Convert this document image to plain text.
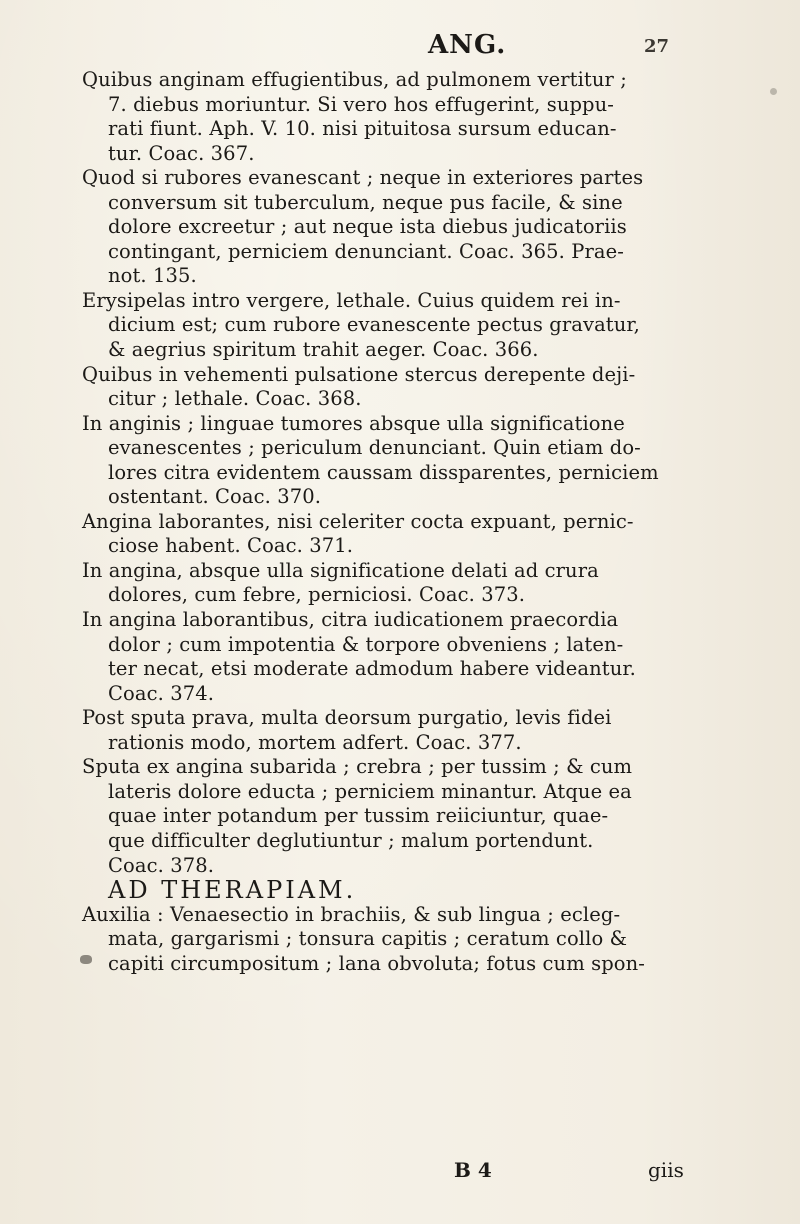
ANG.	27

Quibus anginam effugientibus, ad pulmonem vertitur ;
7. diebus moriuntur. Si vero hos effugerint, suppu-
rati fiunt. Aph. V. 10. nisi pituitosa sursum educan-
tur. Coac. 367.

Quod si rubores evanescant ; neque in exteriores partes
conversum sit tuberculum, neque pus facile, & sine
dolore excreetur ; aut neque ista diebus judicatoriis
contingant, perniciem denunciant. Coac. 365. Prae-
not. 135.

Erysipelas intro vergere, lethale. Cuius quidem rei in-
dicium est; cum rubore evanescente pectus gravatur,
& aegrius spiritum trahit aeger. Coac. 366.

Quibus in vehementi pulsatione stercus derepente deji-
citur ; lethale. Coac. 368.

In anginis ; linguae tumores absque ulla significatione
evanescentes ; periculum denunciant. Quin etiam do-
lores citra evidentem caussam dissparentes, perniciem
ostentant. Coac. 370.

Angina laborantes, nisi celeriter cocta expuant, pernic-
ciose habent. Coac. 371.

In angina, absque ulla significatione delati ad crura
dolores, cum febre, perniciosi. Coac. 373.

In angina laborantibus, citra iudicationem praecordia
dolor ; cum impotentia & torpore obveniens ; laten-
ter necat, etsi moderate admodum habere videantur.
Coac. 374.

Post sputa prava, multa deorsum purgatio, levis fidei
rationis modo, mortem adfert. Coac. 377.

Sputa ex angina subarida ; crebra ; per tussim ; & cum
lateris dolore educta ; perniciem minantur. Atque ea
quae inter potandum per tussim reiiciuntur, quae-
que difficulter deglutiuntur ; malum portendunt.
Coac. 378.

AD THERAPIAM.

Auxilia : Venaesectio in brachiis, & sub lingua ; ecleg-
mata, gargarismi ; tonsura capitis ; ceratum collo &
capiti circumpositum ; lana obvoluta; fotus cum spon-

B 4	giis
